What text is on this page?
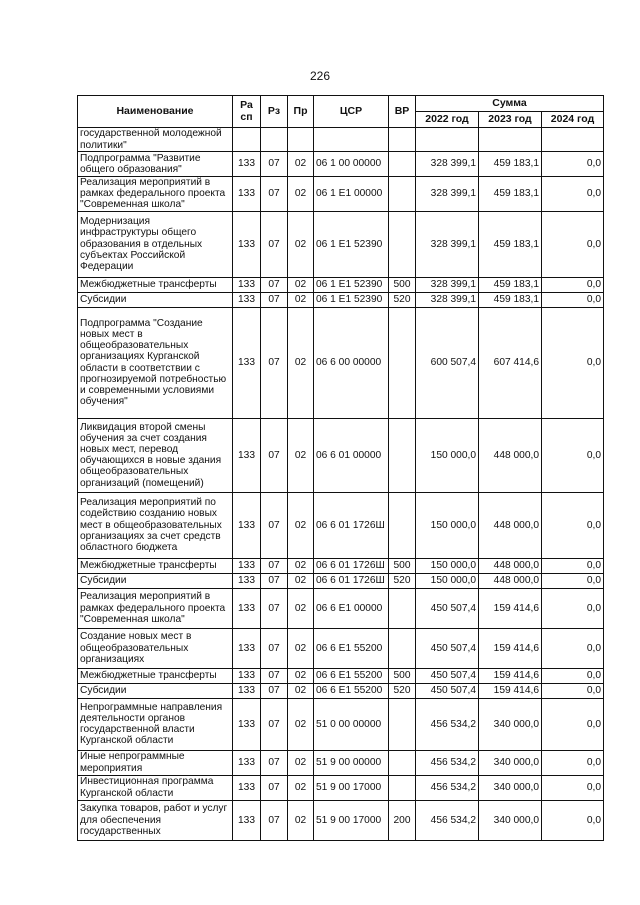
226
Наименование	Ра сп	Рз	Пр	ЦСР	ВР	Сумма		
						2022 год	2023 год	2024 год
государственной молодежной политики"								
Подпрограмма "Развитие общего образования"	133	07	02	06 1 00 00000		328 399,1	459 183,1	0,0
Реализация мероприятий в рамках федерального проекта "Современная школа"	133	07	02	06 1 Е1 00000		328 399,1	459 183,1	0,0
Модернизация инфраструктуры общего образования в отдельных субъектах Российской Федерации	133	07	02	06 1 Е1 52390		328 399,1	459 183,1	0,0
Межбюджетные трансферты	133	07	02	06 1 Е1 52390	500	328 399,1	459 183,1	0,0
Субсидии	133	07	02	06 1 Е1 52390	520	328 399,1	459 183,1	0,0
Подпрограмма "Создание новых мест в общеобразовательных организациях Курганской области в соответствии с прогнозируемой потребностью и современными условиями обучения"	133	07	02	06 6 00 00000		600 507,4	607 414,6	0,0
Ликвидация второй смены обучения за счет создания новых мест, перевод обучающихся в новые здания общеобразовательных организаций (помещений)	133	07	02	06 6 01 00000		150 000,0	448 000,0	0,0
Реализация мероприятий по содействию созданию новых мест в общеобразовательных организациях за счет средств областного бюджета	133	07	02	06 6 01 1726Ш		150 000,0	448 000,0	0,0
Межбюджетные трансферты	133	07	02	06 6 01 1726Ш	500	150 000,0	448 000,0	0,0
Субсидии	133	07	02	06 6 01 1726Ш	520	150 000,0	448 000,0	0,0
Реализация мероприятий в рамках федерального проекта "Современная школа"	133	07	02	06 6 Е1 00000		450 507,4	159 414,6	0,0
Создание новых мест в общеобразовательных организациях	133	07	02	06 6 Е1 55200		450 507,4	159 414,6	0,0
Межбюджетные трансферты	133	07	02	06 6 Е1 55200	500	450 507,4	159 414,6	0,0
Субсидии	133	07	02	06 6 Е1 55200	520	450 507,4	159 414,6	0,0
Непрограммные направления деятельности органов государственной власти Курганской области	133	07	02	51 0 00 00000		456 534,2	340 000,0	0,0
Иные непрограммные мероприятия	133	07	02	51 9 00 00000		456 534,2	340 000,0	0,0
Инвестиционная программа Курганской области	133	07	02	51 9 00 17000		456 534,2	340 000,0	0,0
Закупка товаров, работ и услуг для обеспечения государственных	133	07	02	51 9 00 17000	200	456 534,2	340 000,0	0,0
